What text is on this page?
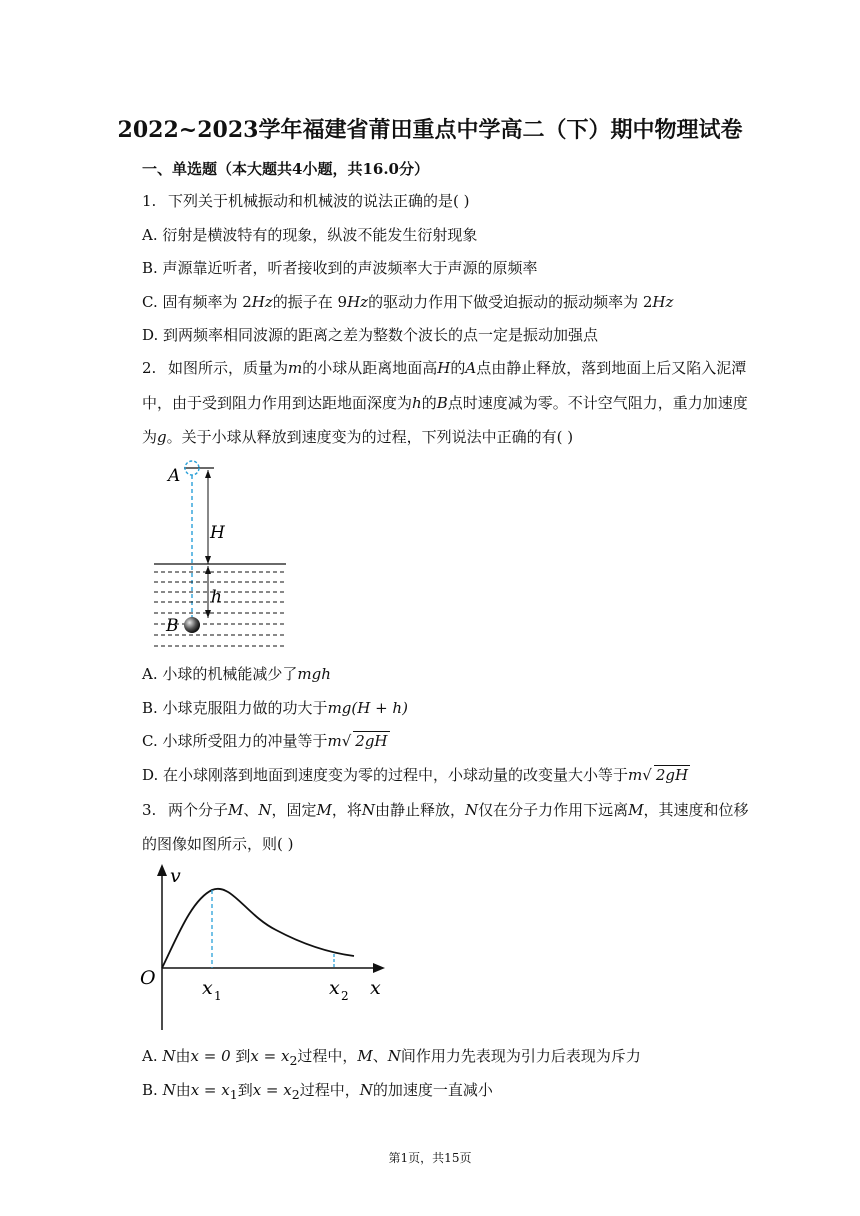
2022~2023学年福建省莆田重点中学高二（下）期中物理试卷
一、单选题（本大题共4小题，共16.0分）
1. 下列关于机械振动和机械波的说法正确的是( )
A. 衍射是横波特有的现象，纵波不能发生衍射现象
B. 声源靠近听者，听者接收到的声波频率大于声源的原频率
C. 固有频率为 2Hz的振子在 9Hz的驱动力作用下做受迫振动的振动频率为 2Hz
D. 到两频率相同波源的距离之差为整数个波长的点一定是振动加强点
2. 如图所示，质量为m的小球从距离地面高H的A点由静止释放，落到地面上后又陷入泥潭
中，由于受到阻力作用到达距地面深度为h的B点时速度减为零。不计空气阻力，重力加速度
为g。关于小球从释放到速度变为的过程，下列说法中正确的有( )
A
H
h
B
A. 小球的机械能减少了mgh
B. 小球克服阻力做的功大于mg(H + h)
C. 小球所受阻力的冲量等于m√ 2gH
D. 在小球刚落到地面到速度变为零的过程中，小球动量的改变量大小等于m√ 2gH
3. 两个分子M、N，固定M，将N由静止释放，N仅在分子力作用下远离M，其速度和位移
的图像如图所示，则( )
v
O x 1	x 2 x
A. N由x = 0 到$x = x_2$过程中，M、N间作用力先表现为引力后表现为斥力
B. N由$x = x_1$到$x = x_2$过程中，N的加速度一直减小
第1页，共15页
